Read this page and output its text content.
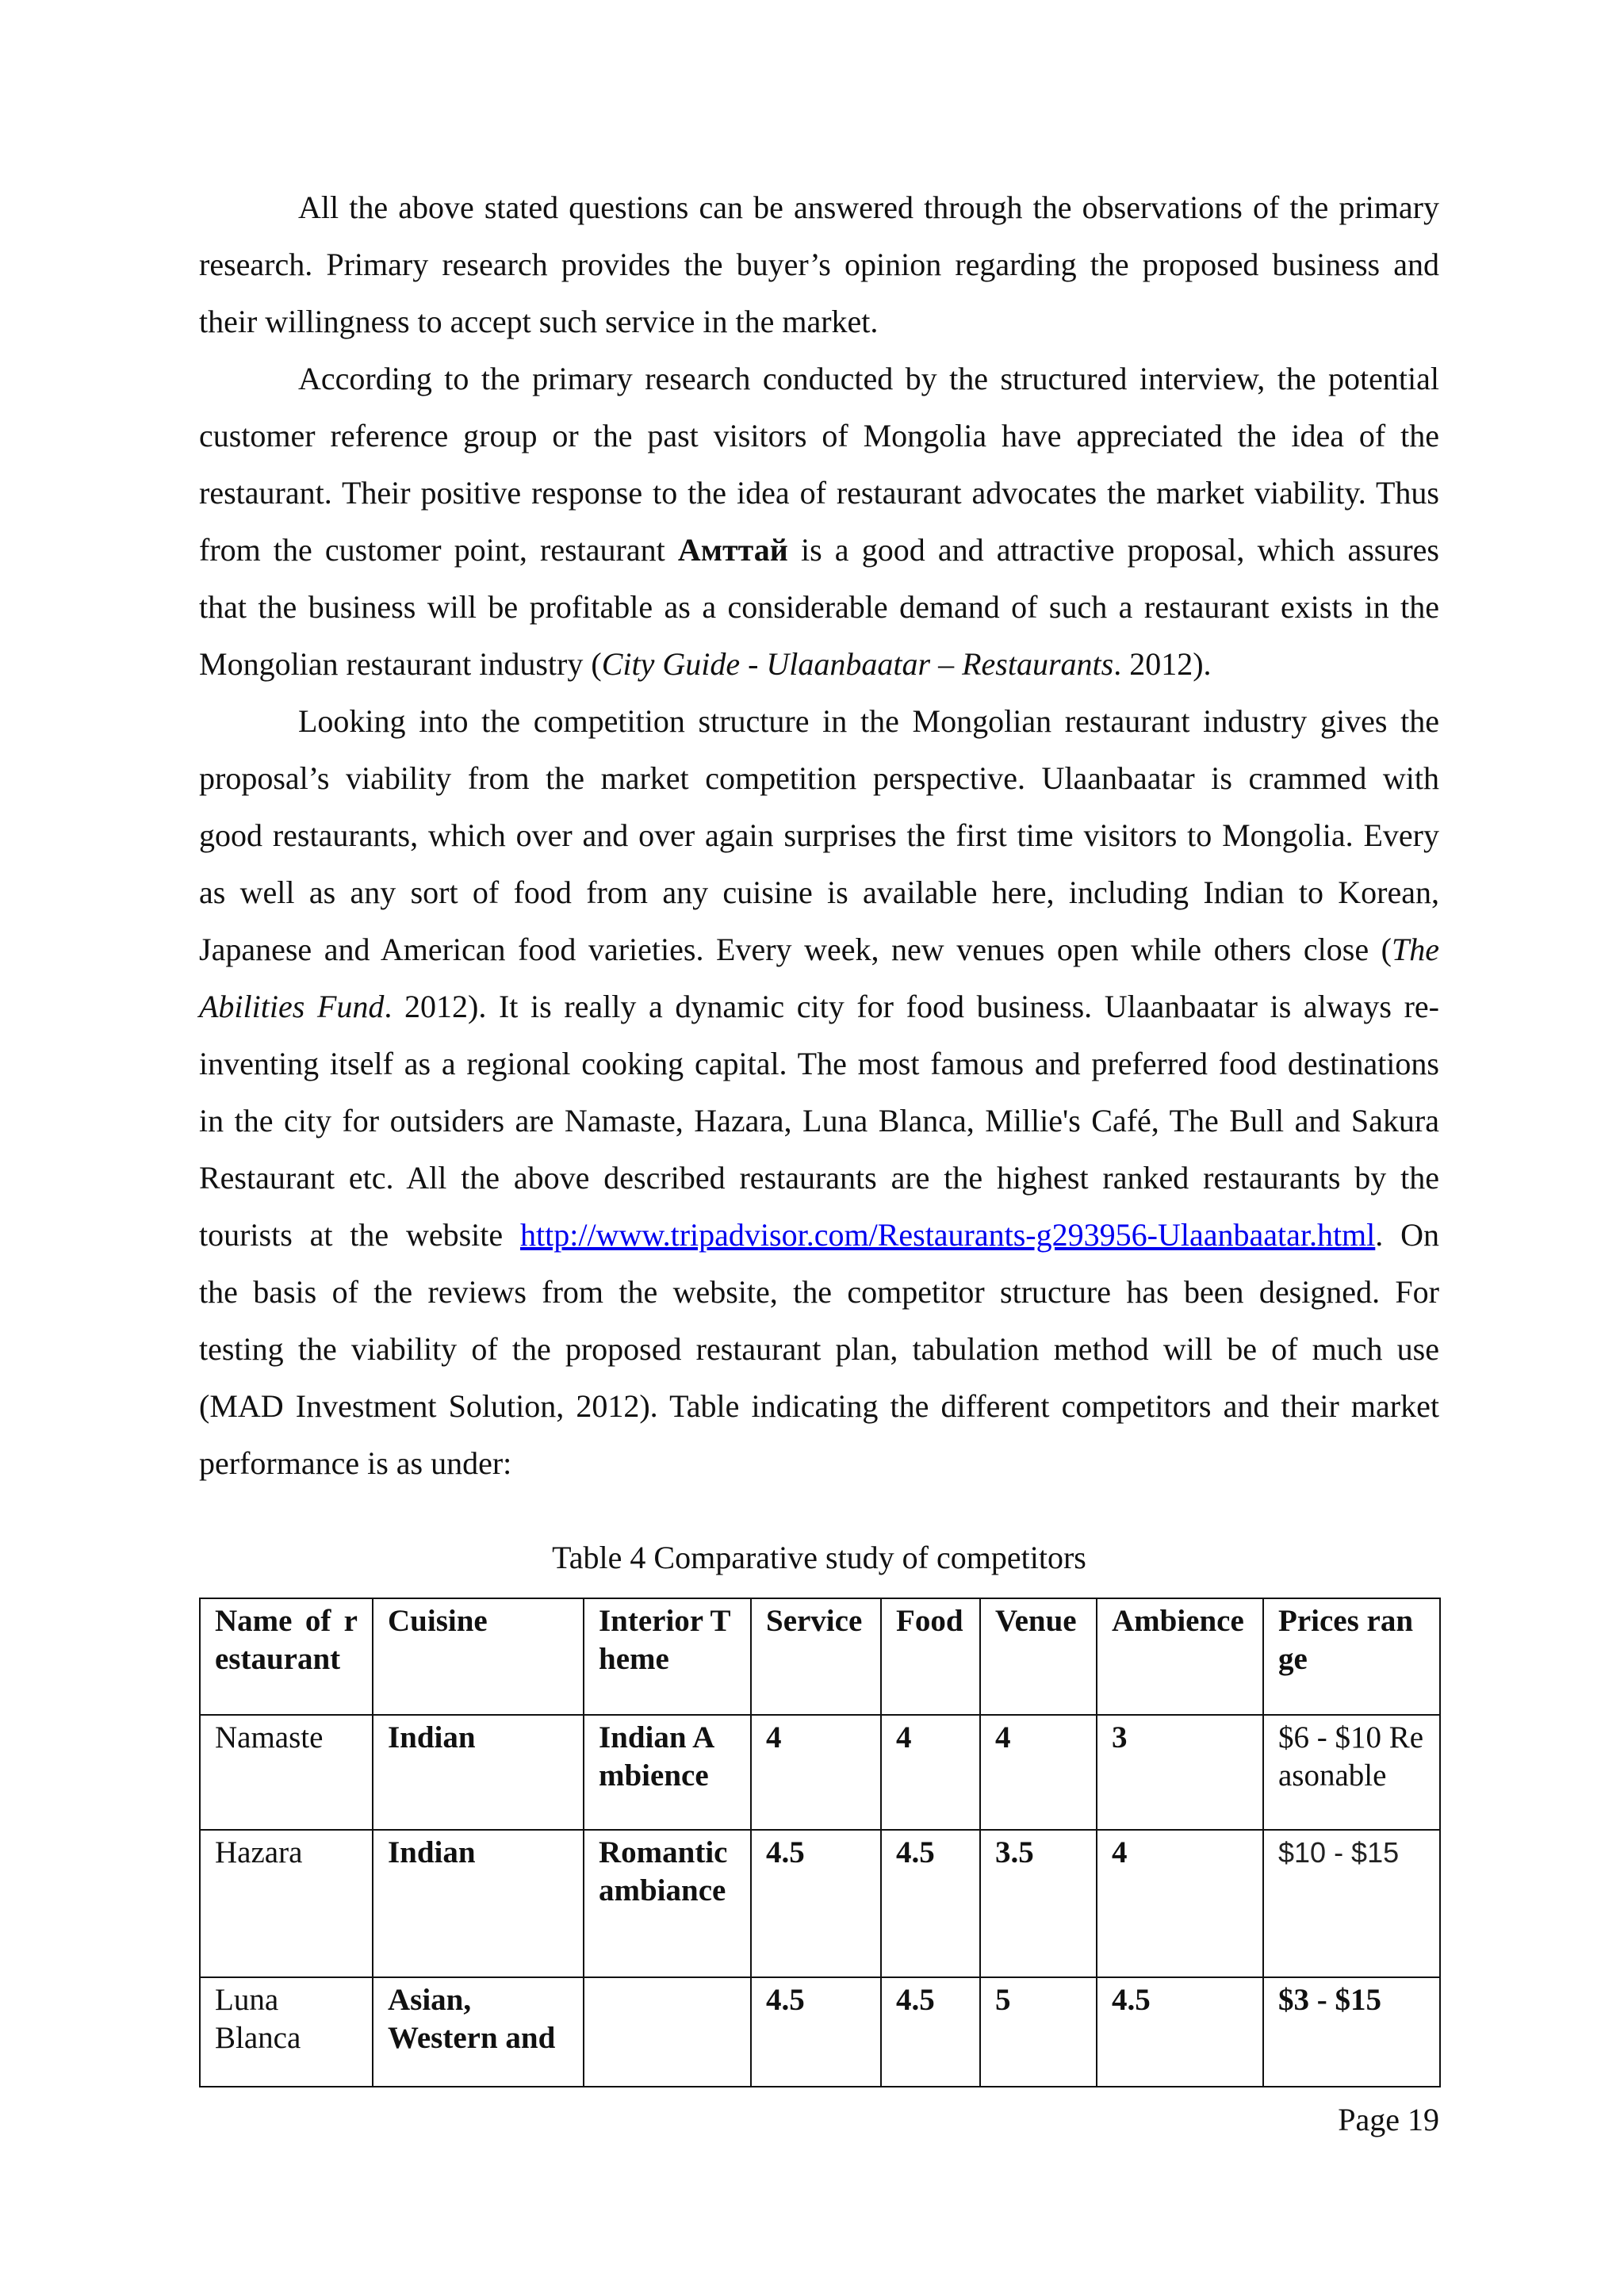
All the above stated questions can be answered through the observations of the primary
research. Primary research provides the buyer’s opinion regarding the proposed business and
their willingness to accept such service in the market.
According to the primary research conducted by the structured interview, the potential
customer reference group or the past visitors of Mongolia have appreciated the idea of the
restaurant. Their positive response to the idea of restaurant advocates the market viability. Thus
from the customer point, restaurant Амттай is a good and attractive proposal, which assures
that the business will be profitable as a considerable demand of such a restaurant exists in the
Mongolian restaurant industry (City Guide - Ulaanbaatar – Restaurants. 2012).
Looking into the competition structure in the Mongolian restaurant industry gives the
proposal’s viability from the market competition perspective. Ulaanbaatar is crammed with
good restaurants, which over and over again surprises the first time visitors to Mongolia. Every
as well as any sort of food from any cuisine is available here, including Indian to Korean,
Japanese and American food varieties. Every week, new venues open while others close (The
Abilities Fund. 2012). It is really a dynamic city for food business. Ulaanbaatar is always re-
inventing itself as a regional cooking capital. The most famous and preferred food destinations
in the city for outsiders are Namaste, Hazara, Luna Blanca, Millie's Café, The Bull and Sakura
Restaurant etc. All the above described restaurants are the highest ranked restaurants by the
tourists at the website http://www.tripadvisor.com/Restaurants-g293956-Ulaanbaatar.html. On
the basis of the reviews from the website, the competitor structure has been designed. For
testing the viability of the proposed restaurant plan, tabulation method will be of much use
(MAD Investment Solution, 2012). Table indicating the different competitors and their market
performance is as under:
Table 4 Comparative study of competitors
Name of restaurant	Cuisine	Interior Theme	Service	Food	Venue	Ambience	Prices range
Namaste	Indian	Indian Ambience	4	4	4	3	$6 - $10 Reasonable
Hazara	Indian	Romantic ambiance	4.5	4.5	3.5	4	$10 - $15
Luna Blanca	Asian, Western and		4.5	4.5	5	4.5	$3 - $15
Page 19
